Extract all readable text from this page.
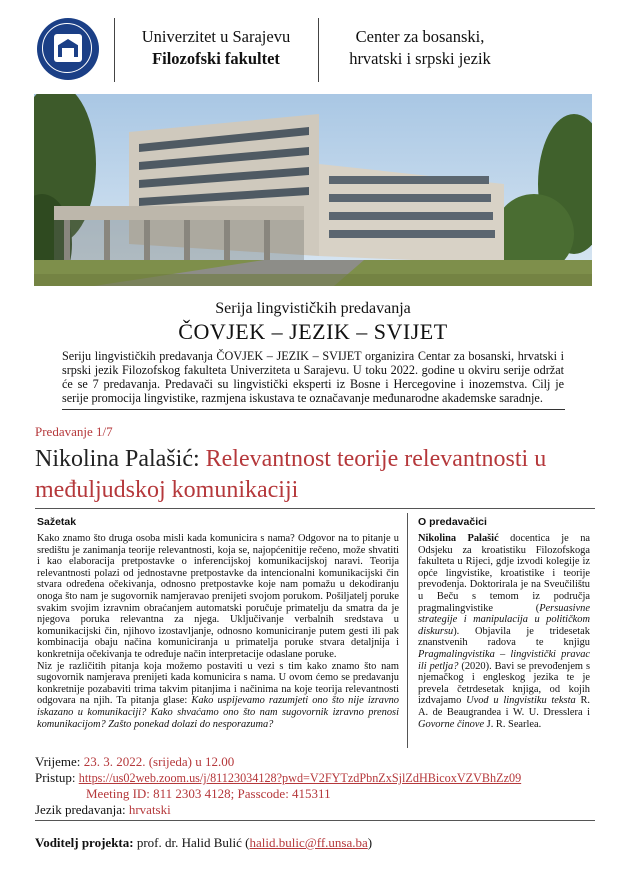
Univerzitet u Sarajevu
Filozofski fakultet
Center za bosanski,
hrvatski i srpski jezik
Serija lingvističkih predavanja
ČOVJEK – JEZIK – SVIJET
Seriju lingvističkih predavanja ČOVJEK – JEZIK – SVIJET organizira Centar za bosanski, hrvatski i srpski jezik Filozofskog fakulteta Univerziteta u Sarajevu. U toku 2022. godine u okviru serije održat će se 7 predavanja. Predavači su lingvistički eksperti iz Bosne i Hercegovine i inozemstva. Cilj je serije promocija lingvistike, razmjena iskustava te označavanje međunarodne akademske saradnje.
Predavanje 1/7
Nikolina Palašić: Relevantnost teorije relevantnosti u međuljudskoj komunikaciji
Sažetak
Kako znamo što druga osoba misli kada komunicira s nama? Odgovor na to pitanje u središtu je zanimanja teorije relevantnosti, koja se, najopćenitije rečeno, može shvatiti i kao elaboracija pretpostavke o inferencijskoj komunikacijskoj naravi. Teorija relevantnosti polazi od jednostavne pretpostavke da intencionalni komunikacijski čin stvara određena očekivanja, odnosno pretpostavke koje nam pomažu u dekodiranju onoga što nam je sugovornik namjeravao prenijeti svojom porukom. Pošiljatelj poruke svakim svojim izravnim obraćanjem automatski poručuje primatelju da smatra da je njegova poruka relevantna za njega. Uključivanje verbalnih sredstava u komunikacijski čin, njihovo izostavljanje, odnosno komuniciranje putem gesti ili pak kombinacija obaju načina komuniciranja u primatelja poruke stvara detaljnija i konkretnija očekivanja te određuje način interpretacije odaslane poruke.
Niz je različitih pitanja koja možemo postaviti u vezi s tim kako znamo što nam sugovornik namjerava prenijeti kada komunicira s nama. U ovom ćemo se predavanju konkretnije pozabaviti trima takvim pitanjima i načinima na koje teorija relevantnosti odgovara na njih. Ta pitanja glase: Kako uspijevamo razumjeti ono što nije izravno iskazano u komunikaciji? Kako shvaćamo ono što nam sugovornik izravno prenosi komunikacijom? Zašto ponekad dolazi do nesporazuma?
O predavačici
Nikolina Palašić docentica je na Odsjeku za kroatistiku Filozofskoga fakulteta u Rijeci, gdje izvodi kolegije iz opće lingvistike, kroatistike i teorije prevođenja. Doktorirala je na Sveučilištu u Beču s temom iz područja pragmalingvistike (Persuasivne strategije i manipulacija u političkom diskursu). Objavila je tridesetak znanstvenih radova te knjigu Pragmalingvistika – lingvistički pravac ili petlja? (2020). Bavi se prevođenjem s njemačkog i engleskog jezika te je prevela četrdesetak knjiga, od kojih izdvajamo Uvod u lingvistiku teksta R. A. de Beaugrandea i W. U. Dresslera i Govorne činove J. R. Searlea.
Vrijeme: 23. 3. 2022. (srijeda) u 12.00
Pristup: https://us02web.zoom.us/j/81123034128?pwd=V2FYTzdPbnZxSjlZdHBicoxVZVBhZz09
Meeting ID: 811 2303 4128; Passcode: 415311
Jezik predavanja: hrvatski
Voditelj projekta: prof. dr. Halid Bulić (halid.bulic@ff.unsa.ba)
